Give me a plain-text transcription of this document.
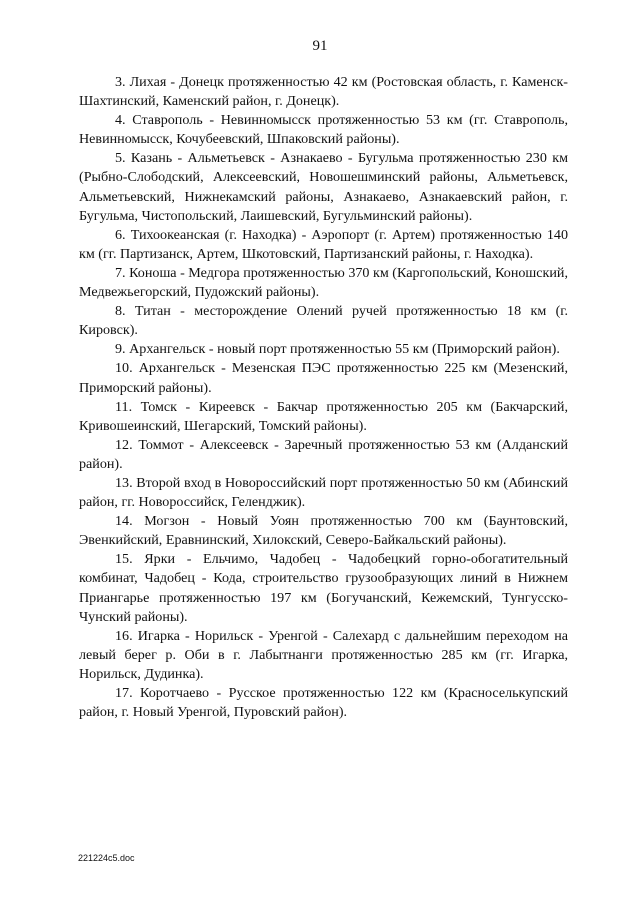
91

3. Лихая - Донецк протяженностью 42 км (Ростовская область, г. Каменск-Шахтинский, Каменский район, г. Донецк).

4. Ставрополь - Невинномысск протяженностью 53 км (гг. Ставрополь, Невинномысск, Кочубеевский, Шпаковский районы).

5. Казань - Альметьевск - Азнакаево - Бугульма протяженностью 230 км (Рыбно-Слободский, Алексеевский, Новошешминский районы, Альметьевск, Альметьевский, Нижнекамский районы, Азнакаево, Азнакаевский район, г. Бугульма, Чистопольский, Лаишевский, Бугульминский районы).

6. Тихоокеанская (г. Находка) - Аэропорт (г. Артем) протяженностью 140 км (гг. Партизанск, Артем, Шкотовский, Партизанский районы, г. Находка).

7. Коноша - Медгора протяженностью 370 км (Каргопольский, Коношский, Медвежьегорский, Пудожский районы).

8. Титан - месторождение Олений ручей протяженностью 18 км (г. Кировск).

9. Архангельск - новый порт протяженностью 55 км (Приморский район).

10. Архангельск - Мезенская ПЭС протяженностью 225 км (Мезенский, Приморский районы).

11. Томск - Киреевск - Бакчар протяженностью 205 км (Бакчарский, Кривошеинский, Шегарский, Томский районы).

12. Томмот - Алексеевск - Заречный протяженностью 53 км (Алданский район).

13. Второй вход в Новороссийский порт протяженностью 50 км (Абинский район, гг. Новороссийск, Геленджик).

14. Могзон - Новый Уоян протяженностью 700 км (Баунтовский, Эвенкийский, Еравнинский, Хилокский, Северо-Байкальский районы).

15. Ярки - Ельчимо, Чадобец - Чадобецкий горно-обогатительный комбинат, Чадобец - Кода, строительство грузообразующих линий в Нижнем Приангарье протяженностью 197 км (Богучанский, Кежемский, Тунгусско-Чунский районы).

16. Игарка - Норильск - Уренгой - Салехард с дальнейшим переходом на левый берег р. Оби в г. Лабытнанги протяженностью 285 км (гг. Игарка, Норильск, Дудинка).

17. Коротчаево - Русское протяженностью 122 км (Красноселькупский район, г. Новый Уренгой, Пуровский район).

221224c5.doc
